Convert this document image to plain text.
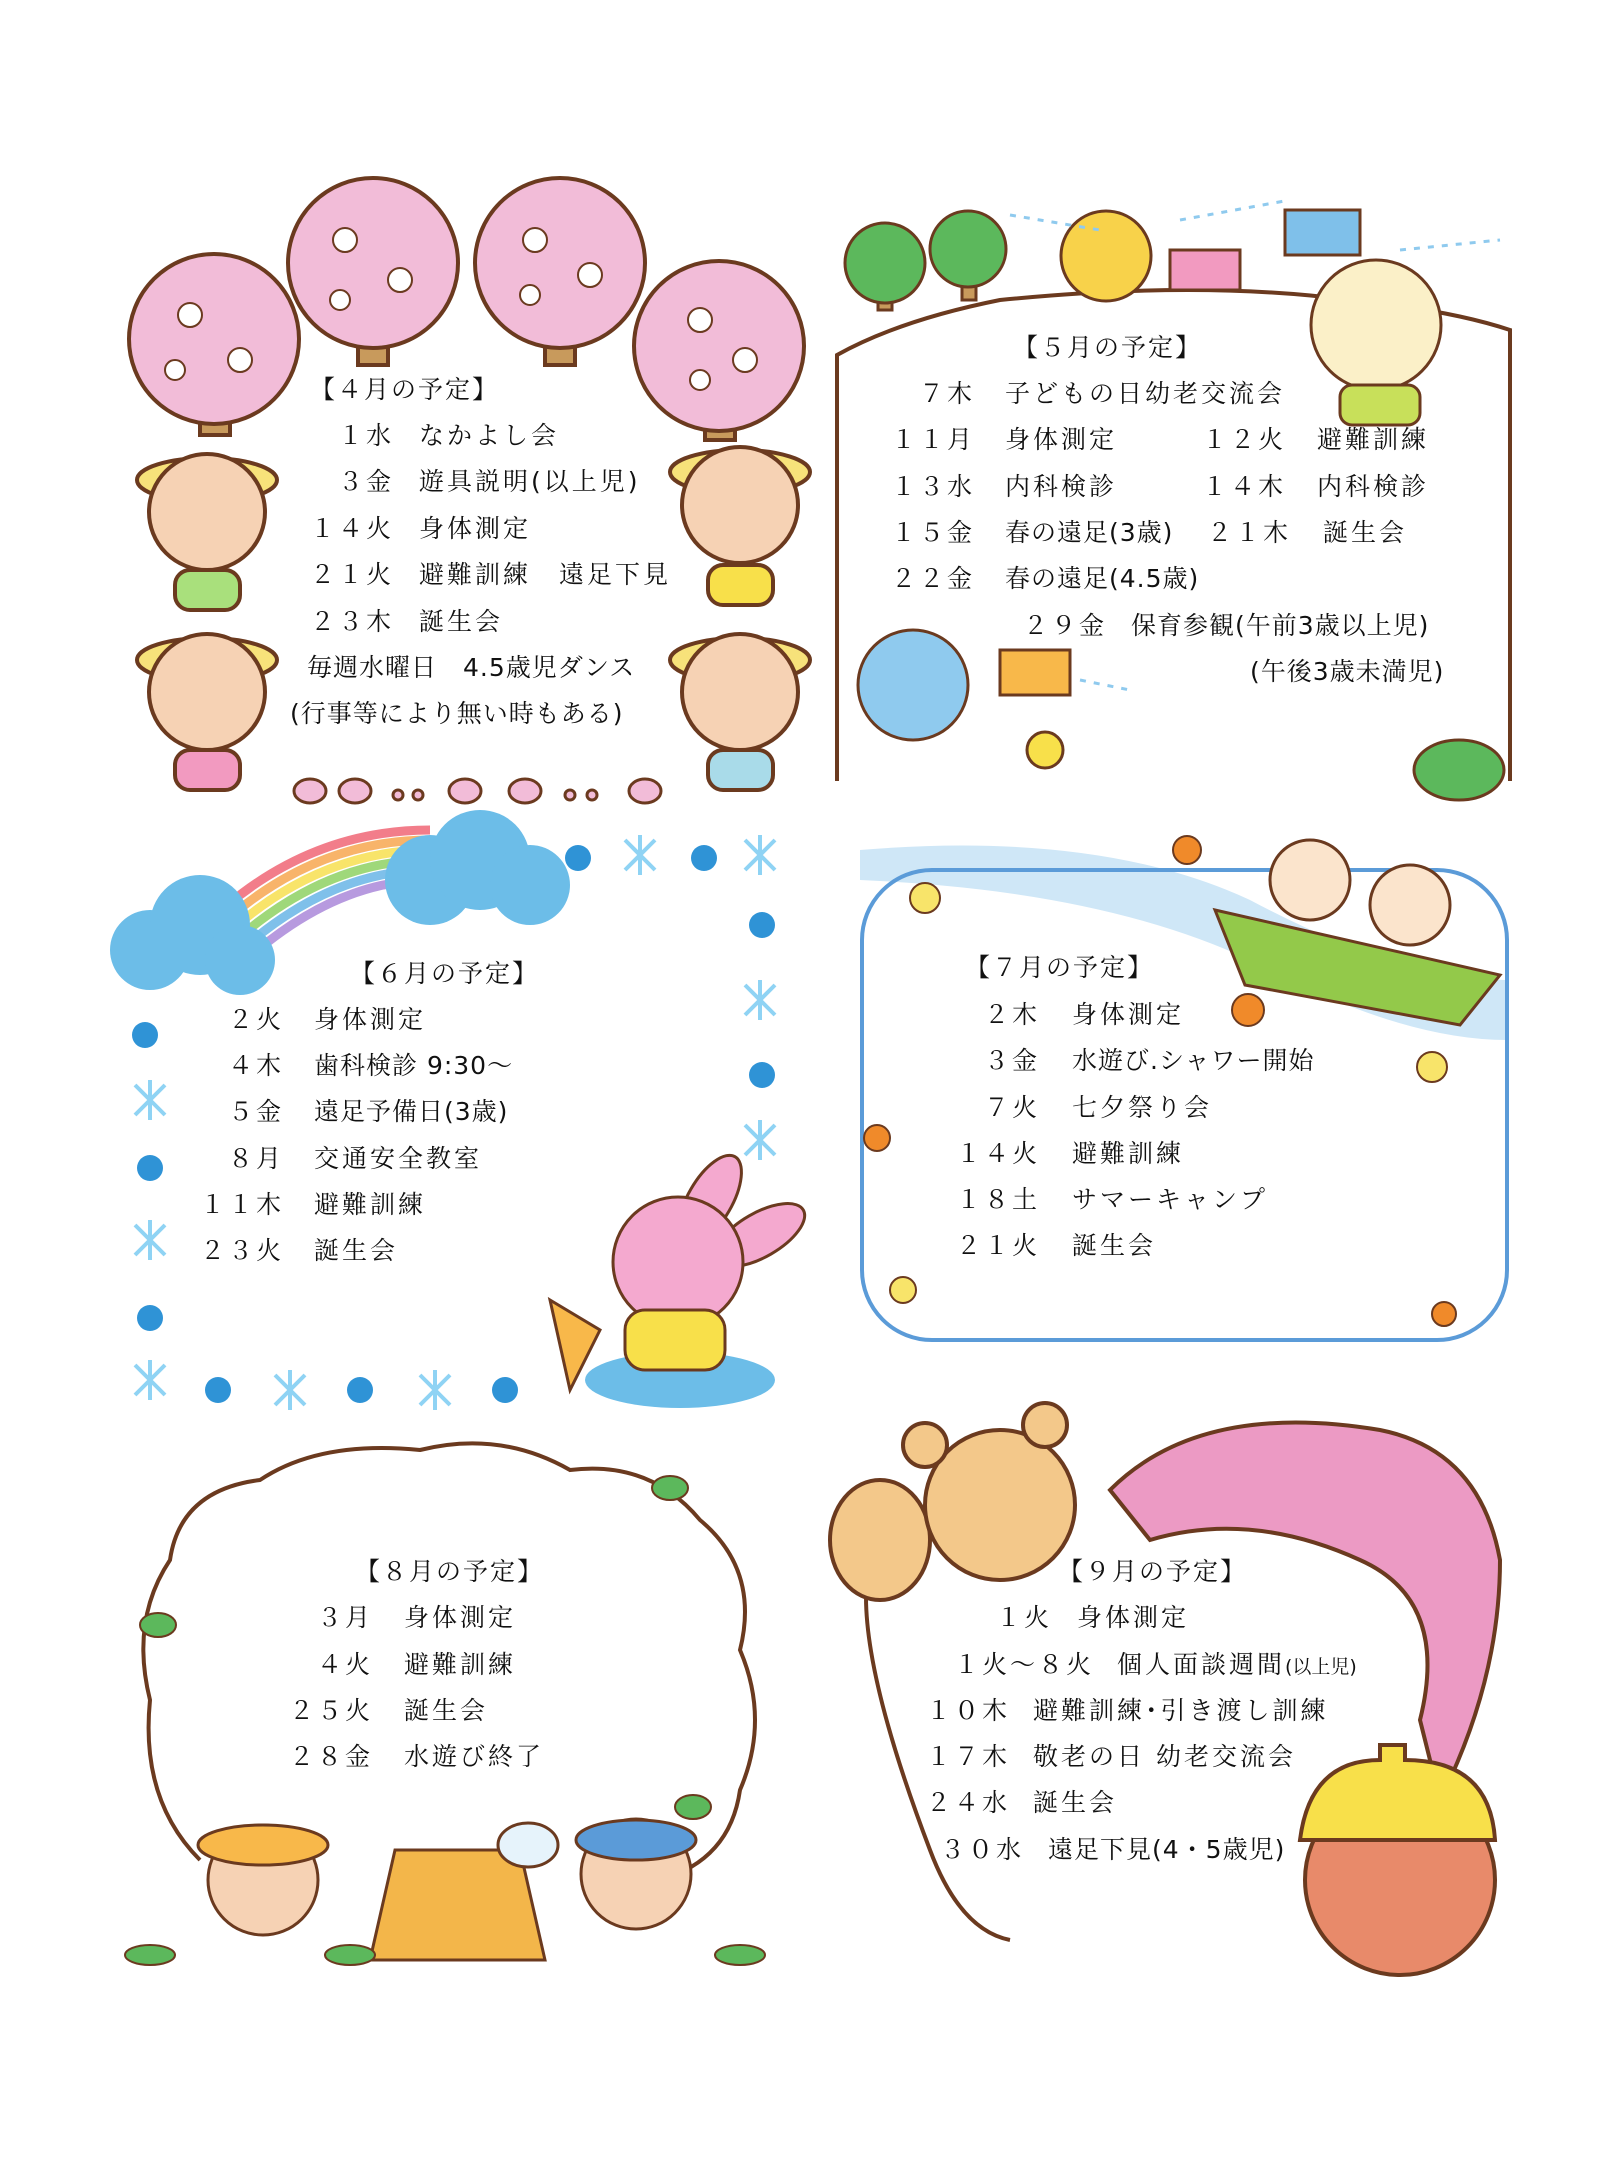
【４月の予定】
１水 なかよし会
３金 遊具説明(以上児)
１４火 身体測定
２１火 避難訓練　遠足下見
２３木 誕生会
毎週水曜日　4.5歳児ダンス
(行事等により無い時もある)
【５月の予定】
７木 子どもの日幼老交流会
１１月 身体測定	１２火 避難訓練
１３水 内科検診	１４木 内科検診
１５金 春の遠足(3歳)	２１木 誕生会
２２金 春の遠足(4.5歳)
２９金 保育参観(午前3歳以上児)
(午後3歳未満児)
【６月の予定】
２火 身体測定
４木 歯科検診 9:30～
５金 遠足予備日(3歳)
８月 交通安全教室
１１木 避難訓練
２３火 誕生会
【７月の予定】
２木 身体測定
３金 水遊び.シャワー開始
７火 七夕祭り会
１４火 避難訓練
１８土 サマーキャンプ
２１火 誕生会
【８月の予定】
３月 身体測定
４火 避難訓練
２５火 誕生会
２８金 水遊び終了
【９月の予定】
１火 身体測定
１火～８火 個人面談週間(以上児)
１０木 避難訓練･引き渡し訓練
１７木 敬老の日 幼老交流会
２４水 誕生会
３０水 遠足下見(4・5歳児)
